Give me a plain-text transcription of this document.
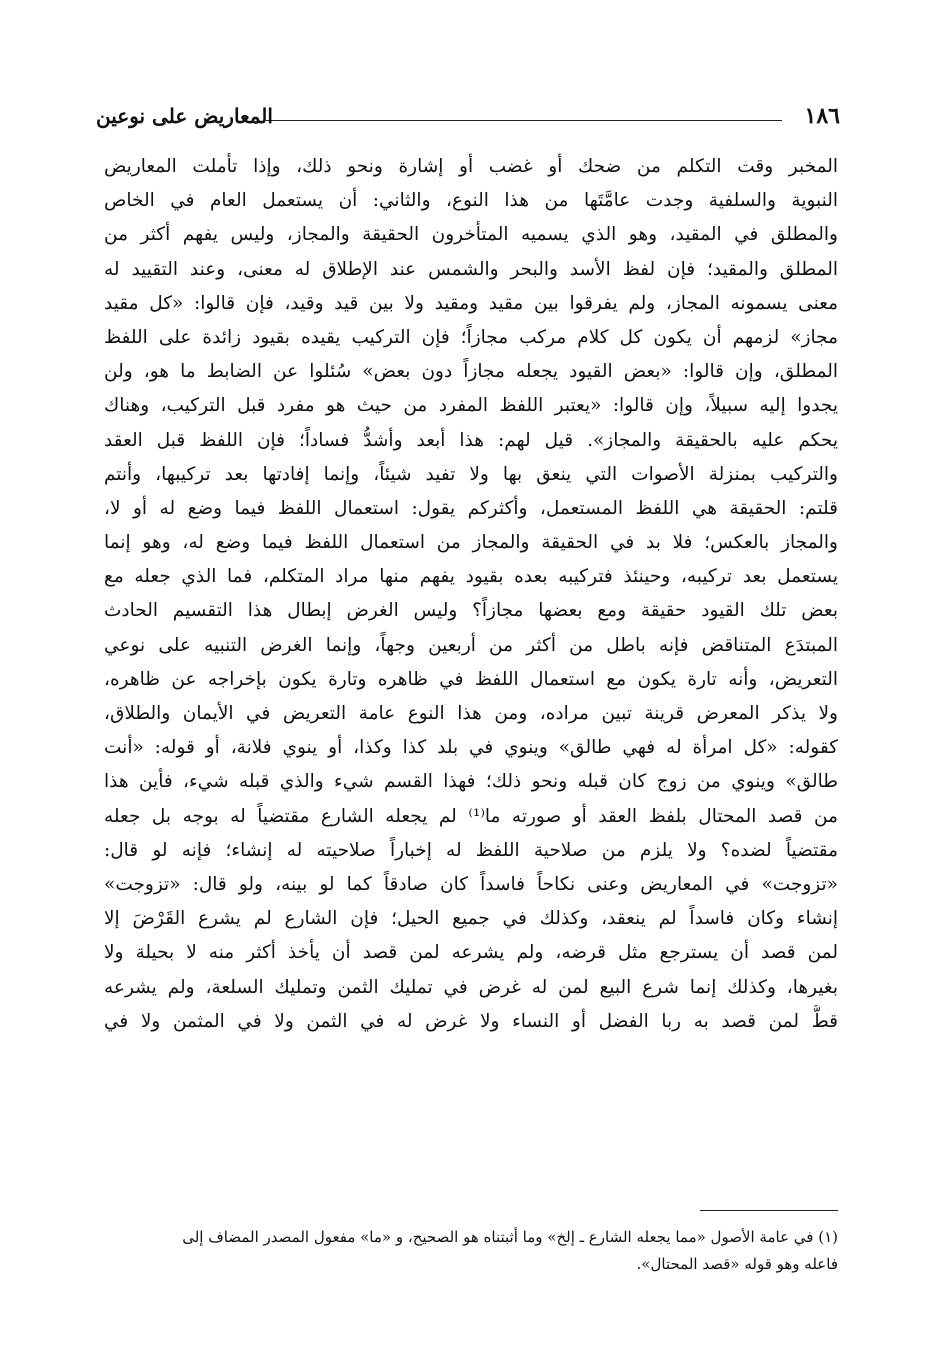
١٨٦
المعاريض على نوعين
المخبر وقت التكلم من ضحك أو غضب أو إشارة ونحو ذلك، وإذا تأملت المعاريض
النبوية والسلفية وجدت عامَّتَها من هذا النوع، والثاني: أن يستعمل العام في الخاص
والمطلق في المقيد، وهو الذي يسميه المتأخرون الحقيقة والمجاز، وليس يفهم أكثر من
المطلق والمقيد؛ فإن لفظ الأسد والبحر والشمس عند الإطلاق له معنى، وعند التقييد له
معنى يسمونه المجاز، ولم يفرقوا بين مقيد ومقيد ولا بين قيد وقيد، فإن قالوا: «كل مقيد
مجاز» لزمهم أن يكون كل كلام مركب مجازاً؛ فإن التركيب يقيده بقيود زائدة على اللفظ
المطلق، وإن قالوا: «بعض القيود يجعله مجازاً دون بعض» سُئلوا عن الضابط ما هو، ولن
يجدوا إليه سبيلاً، وإن قالوا: «يعتبر اللفظ المفرد من حيث هو مفرد قبل التركيب، وهناك
يحكم عليه بالحقيقة والمجاز». قيل لهم: هذا أبعد وأشدُّ فساداً؛ فإن اللفظ قبل العقد
والتركيب بمنزلة الأصوات التي ينعق بها ولا تفيد شيئاً، وإنما إفادتها بعد تركيبها، وأنتم
قلتم: الحقيقة هي اللفظ المستعمل، وأكثركم يقول: استعمال اللفظ فيما وضع له أو لا،
والمجاز بالعكس؛ فلا بد في الحقيقة والمجاز من استعمال اللفظ فيما وضع له، وهو إنما
يستعمل بعد تركيبه، وحينئذ فتركيبه بعده بقيود يفهم منها مراد المتكلم، فما الذي جعله مع
بعض تلك القيود حقيقة ومع بعضها مجازاً؟ وليس الغرض إبطال هذا التقسيم الحادث
المبتدَع المتناقض فإنه باطل من أكثر من أربعين وجهاً، وإنما الغرض التنبيه على نوعي
التعريض، وأنه تارة يكون مع استعمال اللفظ في ظاهره وتارة يكون بإخراجه عن ظاهره،
ولا يذكر المعرض قرينة تبين مراده، ومن هذا النوع عامة التعريض في الأيمان والطلاق،
كقوله: «كل امرأة له فهي طالق» وينوي في بلد كذا وكذا، أو ينوي فلانة، أو قوله: «أنت
طالق» وينوي من زوج كان قبله ونحو ذلك؛ فهذا القسم شيء والذي قبله شيء، فأين هذا
من قصد المحتال بلفظ العقد أو صورته ما⁽¹⁾ لم يجعله الشارع مقتضياً له بوجه بل جعله
مقتضياً لضده؟ ولا يلزم من صلاحية اللفظ له إخباراً صلاحيته له إنشاء؛ فإنه لو قال:
«تزوجت» في المعاريض وعنى نكاحاً فاسداً كان صادقاً كما لو بينه، ولو قال: «تزوجت»
إنشاء وكان فاسداً لم ينعقد، وكذلك في جميع الحيل؛ فإن الشارع لم يشرع القَرْضَ إلا
لمن قصد أن يسترجع مثل قرضه، ولم يشرعه لمن قصد أن يأخذ أكثر منه لا بحيلة ولا
بغيرها، وكذلك إنما شرع البيع لمن له غرض في تمليك الثمن وتمليك السلعة، ولم يشرعه
قطُّ لمن قصد به ربا الفضل أو النساء ولا غرض له في الثمن ولا في المثمن ولا في
(١) في عامة الأصول «مما يجعله الشارع ـ إلخ» وما أثبتناه هو الصحيح، و «ما» مفعول المصدر المضاف إلى
فاعله وهو قوله «قصد المحتال».
